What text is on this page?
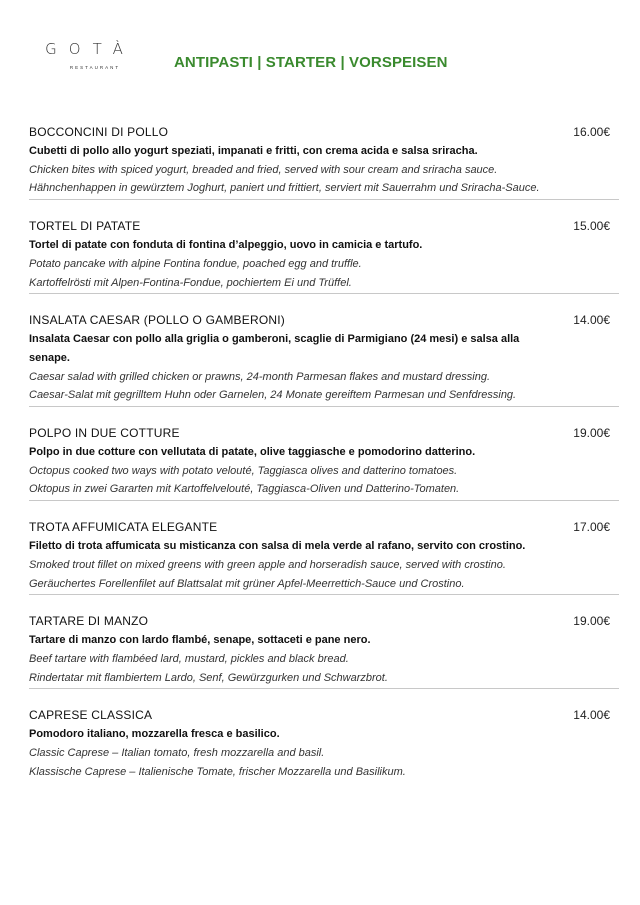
GOTÀ
RESTAURANT	ANTIPASTI | STARTER | VORSPEISEN
BOCCONCINI DI POLLO	16.00€
Cubetti di pollo allo yogurt speziati, impanati e fritti, con crema acida e salsa sriracha.
Chicken bites with spiced yogurt, breaded and fried, served with sour cream and sriracha sauce.
Hähnchenhappen in gewürztem Joghurt, paniert und frittiert, serviert mit Sauerrahm und Sriracha-Sauce.
TORTEL DI PATATE	15.00€
Tortel di patate con fonduta di fontina d’alpeggio, uovo in camicia e tartufo.
Potato pancake with alpine Fontina fondue, poached egg and truffle.
Kartoffelrösti mit Alpen-Fontina-Fondue, pochiertem Ei und Trüffel.
INSALATA CAESAR (POLLO O GAMBERONI)	14.00€
Insalata Caesar con pollo alla griglia o gamberoni, scaglie di Parmigiano (24 mesi) e salsa alla senape.
Caesar salad with grilled chicken or prawns, 24-month Parmesan flakes and mustard dressing.
Caesar-Salat mit gegrilltem Huhn oder Garnelen, 24 Monate gereiftem Parmesan und Senfdressing.
POLPO IN DUE COTTURE	19.00€
Polpo in due cotture con vellutata di patate, olive taggiasche e pomodorino datterino.
Octopus cooked two ways with potato velouté, Taggiasca olives and datterino tomatoes.
Oktopus in zwei Gararten mit Kartoffelvelouté, Taggiasca-Oliven und Datterino-Tomaten.
TROTA AFFUMICATA ELEGANTE	17.00€
Filetto di trota affumicata su misticanza con salsa di mela verde al rafano, servito con crostino.
Smoked trout fillet on mixed greens with green apple and horseradish sauce, served with crostino.
Geräuchertes Forellenfilet auf Blattsalat mit grüner Apfel-Meerrettich-Sauce und Crostino.
TARTARE DI MANZO	19.00€
Tartare di manzo con lardo flambé, senape, sottaceti e pane nero.
Beef tartare with flambéed lard, mustard, pickles and black bread.
Rindertatar mit flambiertem Lardo, Senf, Gewürzgurken und Schwarzbrot.
CAPRESE CLASSICA	14.00€
Pomodoro italiano, mozzarella fresca e basilico.
Classic Caprese – Italian tomato, fresh mozzarella and basil.
Klassische Caprese – Italienische Tomate, frischer Mozzarella und Basilikum.
